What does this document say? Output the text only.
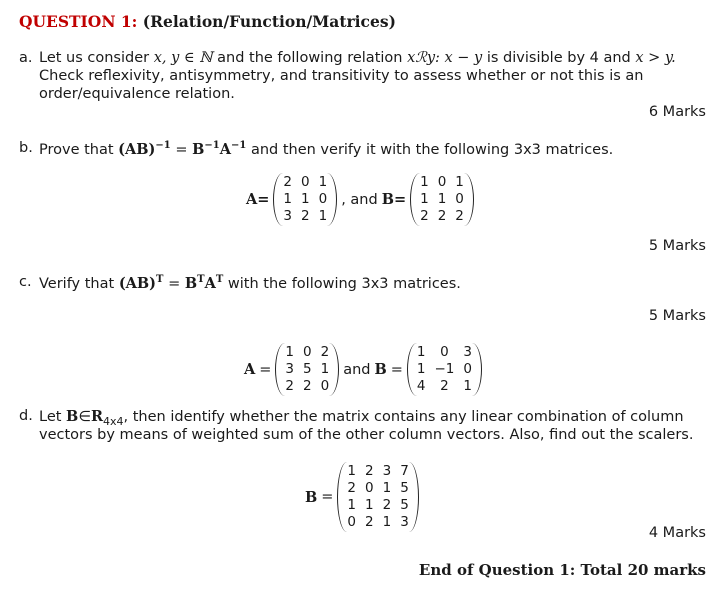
QUESTION 1: (Relation/Function/Matrices)
a. Let us consider x, y ∈ ℕ and the following relation xℛy: x − y is divisible by 4 and x > y.
Check reflexivity, antisymmetry, and transitivity to assess whether or not this is an
order/equivalence relation.
6 Marks
b. Prove that $(AB)^{-1} = B^{-1}A^{-1}$ and then verify it with the following 3x3 matrices.
A=
2 0 1
1 1 0
3 2 1
, and B=
1 0 1
1 1 0
2 2 2
5 Marks
c. Verify that $(AB)^T = B^TA^T$ with the following 3x3 matrices.
5 Marks
A =
1 0 2
3 5 1
2 2 0
and B =
1	0	3
1 −1 0
4	2	1
d. Let $B\in R_{4x4}$, then identify whether the matrix contains any linear combination of column
vectors by means of weighted sum of the other column vectors. Also, find out the scalers.
B =
1 2 3 7
2 0 1 5
1 1 2 5
0 2 1 3
4 Marks
End of Question 1: Total 20 marks
